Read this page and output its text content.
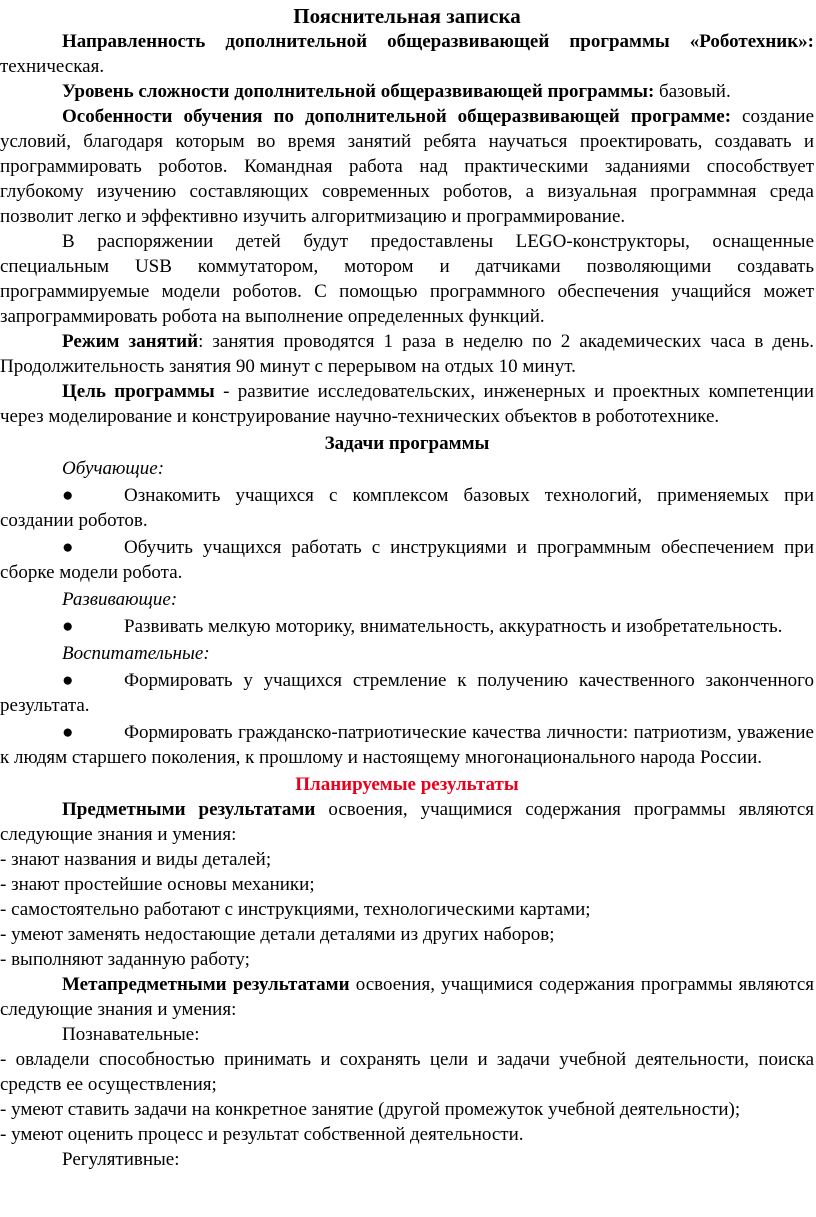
Пояснительная записка

Направленность дополнительной общеразвивающей программы «Роботехник»: техническая.

Уровень сложности дополнительной общеразвивающей программы: базовый.

Особенности обучения по дополнительной общеразвивающей программе: создание условий, благодаря которым во время занятий ребята научаться проектировать, создавать и программировать роботов. Командная работа над практическими заданиями способствует глубокому изучению составляющих современных роботов, а визуальная программная среда позволит легко и эффективно изучить алгоритмизацию и программирование.

В распоряжении детей будут предоставлены LEGO-конструкторы, оснащенные специальным USB коммутатором, мотором и датчиками позволяющими создавать программируемые модели роботов. С помощью программного обеспечения учащийся может запрограммировать робота на выполнение определенных функций.

Режим занятий: занятия проводятся 1 раза в неделю по 2 академических часа в день. Продолжительность занятия 90 минут с перерывом на отдых 10 минут.

Цель программы - развитие исследовательских, инженерных и проектных компетенции через моделирование и конструирование научно-технических объектов в робототехнике.

Задачи программы

Обучающие:

●	Ознакомить учащихся с комплексом базовых технологий, применяемых при создании роботов.

●	Обучить учащихся работать с инструкциями и программным обеспечением при сборке модели робота.

Развивающие:

●	Развивать мелкую моторику, внимательность, аккуратность и изобретательность.

Воспитательные:

●	Формировать у учащихся стремление к получению качественного законченного результата.

●	Формировать гражданско-патриотические качества личности: патриотизм, уважение к людям старшего поколения, к прошлому и настоящему многонационального народа России.

Планируемые результаты

Предметными результатами освоения, учащимися содержания программы являются следующие знания и умения:

- знают названия и виды деталей;

- знают простейшие основы механики;

- самостоятельно работают с инструкциями, технологическими картами;

- умеют заменять недостающие детали деталями из других наборов;

- выполняют заданную работу;

Метапредметными результатами освоения, учащимися содержания программы являются следующие знания и умения:

Познавательные:

- овладели способностью принимать и сохранять цели и задачи учебной деятельности, поиска средств ее осуществления;

- умеют ставить задачи на конкретное занятие (другой промежуток учебной деятельности);

- умеют оценить процесс и результат собственной деятельности.

Регулятивные:
